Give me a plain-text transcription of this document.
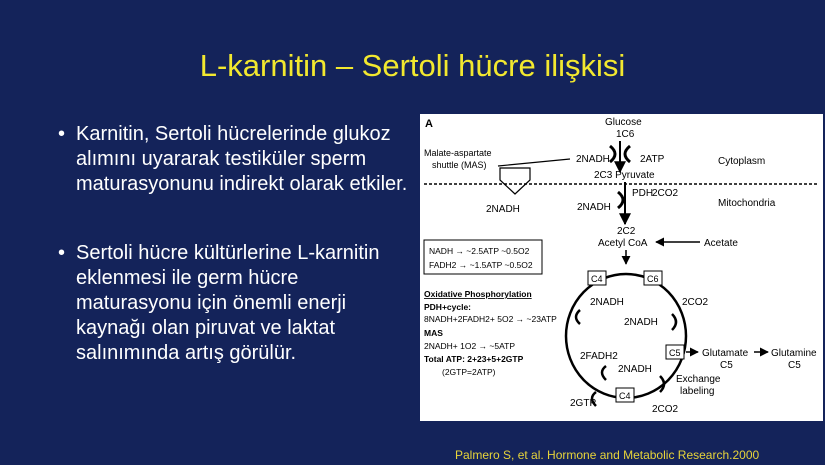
L-karnitin – Sertoli hücre ilişkisi
• Karnitin, Sertoli hücrelerinde glukoz alımını uyararak testiküler sperm maturasyonunu indirekt olarak etkiler.
• Sertoli hücre kültürlerine L-karnitin eklenmesi ile germ hücre maturasyonu için önemli enerji kaynağı olan piruvat ve laktat salınımında artış görülür.
A	Glucose
1C6
Malate-aspartate
shuttle (MAS)	2NADH	2ATP	Cytoplasm
2C3 Pyruvate
PDH
2CO2
2NADH	2NADH	Mitochondria
2C2
Acetyl CoA	Acetate
NADH → ~2.5ATP ~0.5O2
FADH2 → ~1.5ATP ~0.5O2
Oxidative Phosphorylation
PDH+cycle:
8NADH+2FADH2+ 5O2 → ~23ATP
MAS
2NADH+ 1O2 → ~5ATP
Total ATP: 2+23+5+2GTP
(2GTP=2ATP)
C4	C6
2NADH	2CO2
2NADH
2FADH2	C5 Glutamate
C5
Glutamine
C5
2NADH
Exchange
labeling
2GTP
C4
2CO2
Palmero S, et al. Hormone and Metabolic Research.2000
